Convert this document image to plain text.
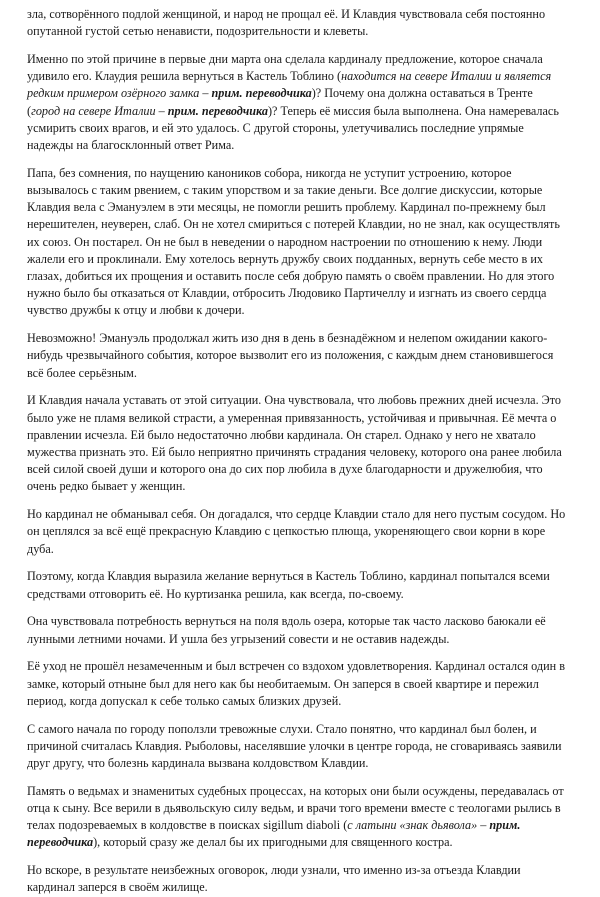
зла, сотворённого подлой женщиной, и народ не прощал её. И Клавдия чувствовала себя постоянно опутанной густой сетью ненависти, подозрительности и клеветы.

Именно по этой причине в первые дни марта она сделала кардиналу предложение, которое сначала удивило его. Клаудия решила вернуться в Кастель Тоблино (находится на севере Италии и является редким примером озёрного замка – прим. переводчика)? Почему она должна оставаться в Тренте (город на севере Италии – прим. переводчика)? Теперь её миссия была выполнена. Она намеревалась усмирить своих врагов, и ей это удалось. С другой стороны, улетучивались последние упрямые надежды на благосклонный ответ Рима.

Папа, без сомнения, по наущению каноников собора, никогда не уступит устроению, которое вызывалось с таким рвением, с таким упорством и за такие деньги. Все долгие дискуссии, которые Клавдия вела с Эмануэлем в эти месяцы, не помогли решить проблему. Кардинал по-прежнему был нерешителен, неуверен, слаб. Он не хотел смириться с потерей Клавдии, но не знал, как осуществлять их союз. Он постарел. Он не был в неведении о народном настроении по отношению к нему. Люди жалели его и проклинали. Ему хотелось вернуть дружбу своих подданных, вернуть себе место в их глазах, добиться их прощения и оставить после себя добрую память о своём правлении. Но для этого нужно было бы отказаться от Клавдии, отбросить Людовико Партичеллу и изгнать из своего сердца чувство дружбы к отцу и любви к дочери.

Невозможно! Эмануэль продолжал жить изо дня в день в безнадёжном и нелепом ожидании какого-нибудь чрезвычайного события, которое вызволит его из положения, с каждым днем становившегося всё более серьёзным.

И Клавдия начала уставать от этой ситуации. Она чувствовала, что любовь прежних дней исчезла. Это было уже не пламя великой страсти, а умеренная привязанность, устойчивая и привычная. Её мечта о правлении исчезла. Ей было недостаточно любви кардинала. Он старел. Однако у него не хватало мужества признать это. Ей было неприятно причинять страдания человеку, которого она ранее любила всей силой своей души и которого она до сих пор любила в духе благодарности и дружелюбия, что очень редко бывает у женщин.

Но кардинал не обманывал себя. Он догадался, что сердце Клавдии стало для него пустым сосудом. Но он цеплялся за всё ещё прекрасную Клавдию с цепкостью плюща, укореняющего свои корни в коре дуба.

Поэтому, когда Клавдия выразила желание вернуться в Кастель Тоблино, кардинал попытался всеми средствами отговорить её. Но куртизанка решила, как всегда, по-своему.

Она чувствовала потребность вернуться на поля вдоль озера, которые так часто ласково баюкали её лунными летними ночами. И ушла без угрызений совести и не оставив надежды.

Её уход не прошёл незамеченным и был встречен со вздохом удовлетворения. Кардинал остался один в замке, который отныне был для него как бы необитаемым. Он заперся в своей квартире и пережил период, когда допускал к себе только самых близких друзей.

С самого начала по городу поползли тревожные слухи. Стало понятно, что кардинал был болен, и причиной считалась Клавдия. Рыболовы, населявшие улочки в центре города, не сговариваясь заявили друг другу, что болезнь кардинала вызвана колдовством Клавдии.

Память о ведьмах и знаменитых судебных процессах, на которых они были осуждены, передавалась от отца к сыну. Все верили в дьявольскую силу ведьм, и врачи того времени вместе с теологами рылись в телах подозреваемых в колдовстве в поисках sigillum diaboli (с латыни «знак дьявола» – прим. переводчика), который сразу же делал бы их пригодными для священного костра.

Но вскоре, в результате неизбежных оговорок, люди узнали, что именно из-за отъезда Клавдии кардинал заперся в своём жилище.
